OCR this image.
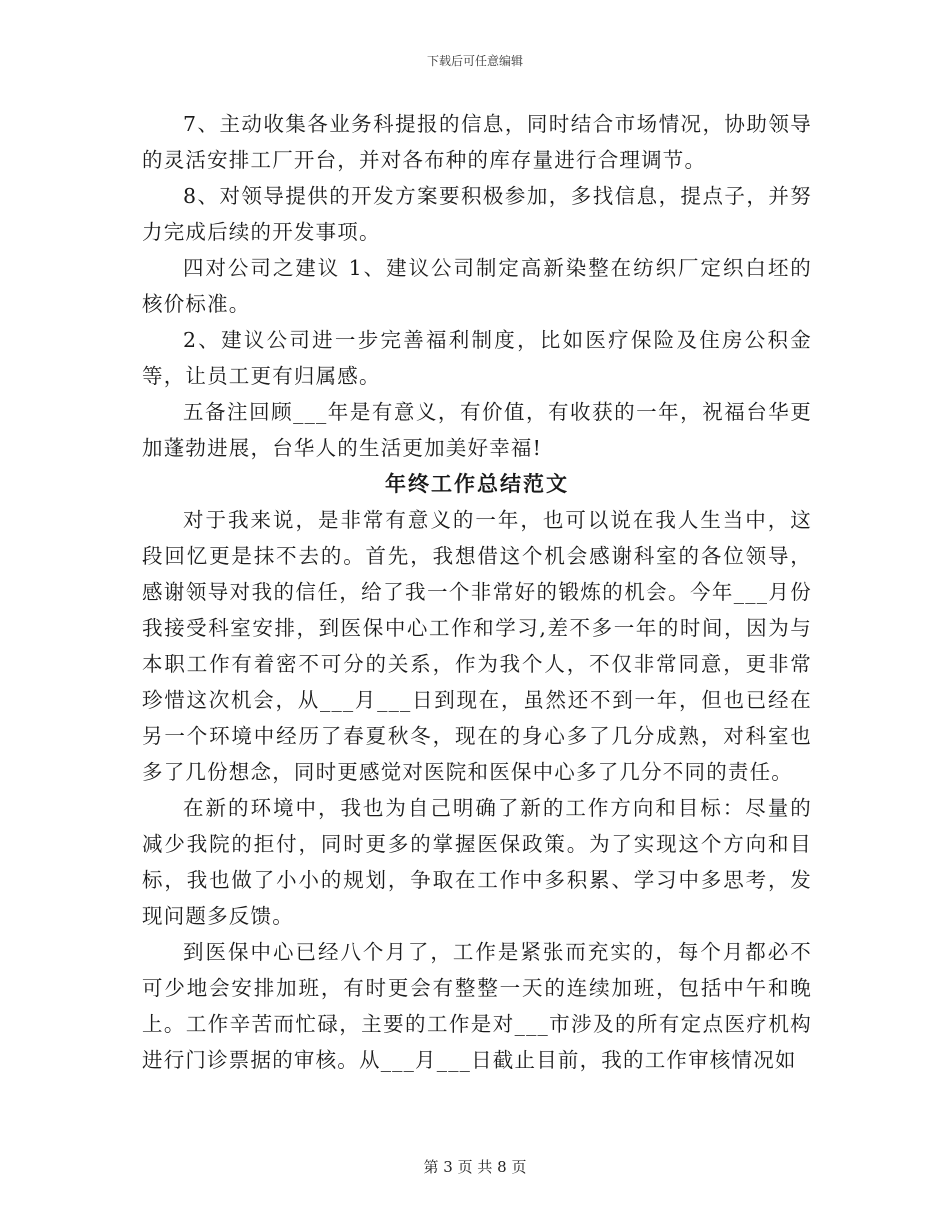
下载后可任意编辑

7、主动收集各业务科提报的信息，同时结合市场情况，协助领导的灵活安排工厂开台，并对各布种的库存量进行合理调节。

8、对领导提供的开发方案要积极参加，多找信息，提点子，并努力完成后续的开发事项。

四对公司之建议 1、建议公司制定高新染整在纺织厂定织白坯的核价标准。

2、建议公司进一步完善福利制度，比如医疗保险及住房公积金等，让员工更有归属感。

五备注回顾___年是有意义，有价值，有收获的一年，祝福台华更加蓬勃进展，台华人的生活更加美好幸福!

年终工作总结范文

对于我来说，是非常有意义的一年，也可以说在我人生当中，这段回忆更是抹不去的。首先，我想借这个机会感谢科室的各位领导，感谢领导对我的信任，给了我一个非常好的锻炼的机会。今年___月份我接受科室安排，到医保中心工作和学习,差不多一年的时间，因为与本职工作有着密不可分的关系，作为我个人，不仅非常同意，更非常珍惜这次机会，从___月___日到现在，虽然还不到一年，但也已经在另一个环境中经历了春夏秋冬，现在的身心多了几分成熟，对科室也多了几份想念，同时更感觉对医院和医保中心多了几分不同的责任。

在新的环境中，我也为自己明确了新的工作方向和目标：尽量的减少我院的拒付，同时更多的掌握医保政策。为了实现这个方向和目标，我也做了小小的规划，争取在工作中多积累、学习中多思考，发现问题多反馈。

到医保中心已经八个月了，工作是紧张而充实的，每个月都必不可少地会安排加班，有时更会有整整一天的连续加班，包括中午和晚上。工作辛苦而忙碌，主要的工作是对___市涉及的所有定点医疗机构进行门诊票据的审核。从___月___日截止目前，我的工作审核情况如

第 3 页 共 8 页
